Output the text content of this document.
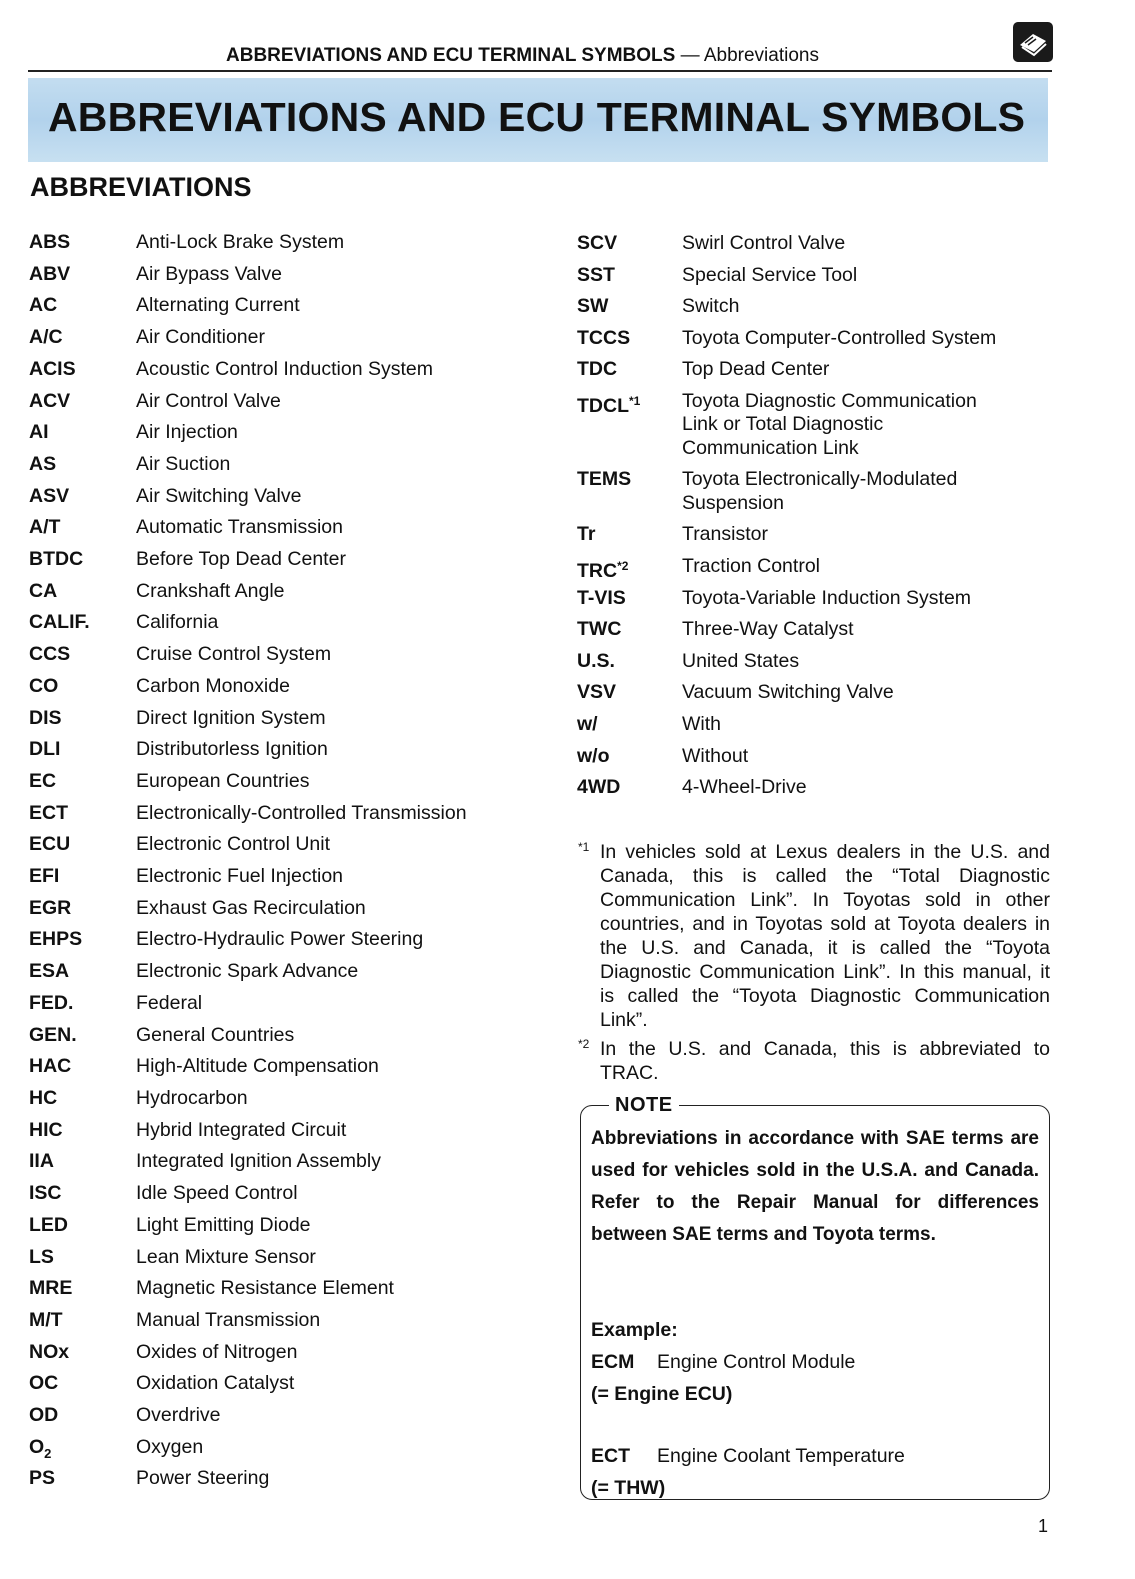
ABBREVIATIONS AND ECU TERMINAL SYMBOLS — Abbreviations
ABBREVIATIONS AND ECU TERMINAL SYMBOLS
ABBREVIATIONS
ABS	Anti-Lock Brake System
ABV	Air Bypass Valve
AC	Alternating Current
A/C	Air Conditioner
ACIS	Acoustic Control Induction System
ACV	Air Control Valve
AI	Air Injection
AS	Air Suction
ASV	Air Switching Valve
A/T	Automatic Transmission
BTDC	Before Top Dead Center
CA	Crankshaft Angle
CALIF. California
CCS	Cruise Control System
CO	Carbon Monoxide
DIS	Direct Ignition System
DLI	Distributorless Ignition
EC	European Countries
ECT	Electronically-Controlled Transmission
ECU	Electronic Control Unit
EFI	Electronic Fuel Injection
EGR	Exhaust Gas Recirculation
EHPS	Electro-Hydraulic Power Steering
ESA	Electronic Spark Advance
FED.	Federal
GEN.	General Countries
HAC	High-Altitude Compensation
HC	Hydrocarbon
HIC	Hybrid Integrated Circuit
IIA	Integrated Ignition Assembly
ISC	Idle Speed Control
LED	Light Emitting Diode
LS	Lean Mixture Sensor
MRE	Magnetic Resistance Element
M/T	Manual Transmission
NOx	Oxides of Nitrogen
OC	Oxidation Catalyst
OD	Overdrive
$O_2$	Oxygen
PS	Power Steering
SCV	Swirl Control Valve
SST	Special Service Tool
SW	Switch
TCCS	Toyota Computer-Controlled System
TDC	Top Dead Center
TDCL$^{*1}$ Toyota Diagnostic Communication Link or Total Diagnostic Communication Link
TEMS	Toyota Electronically-Modulated Suspension
Tr	Transistor
TRC$^{*2}$	Traction Control
T-VIS	Toyota-Variable Induction System
TWC	Three-Way Catalyst
U.S.	United States
VSV	Vacuum Switching Valve
w/	With
w/o	Without
4WD	4-Wheel-Drive
$^{*1}$ In vehicles sold at Lexus dealers in the U.S. and Canada, this is called the “Total Diagnostic Communication Link”. In Toyotas sold in other countries, and in Toyotas sold at Toyota dealers in the U.S. and Canada, it is called the “Toyota Diagnostic Communication Link”. In this manual, it is called the “Toyota Diagnostic Communication Link”.
$^{*2}$ In the U.S. and Canada, this is abbreviated to TRAC.
NOTE
Abbreviations in accordance with SAE terms are used for vehicles sold in the U.S.A. and Canada. Refer to the Repair Manual for differences between SAE terms and Toyota terms.
Example:
ECM Engine Control Module
(= Engine ECU)
ECT Engine Coolant Temperature
(= THW)
1
